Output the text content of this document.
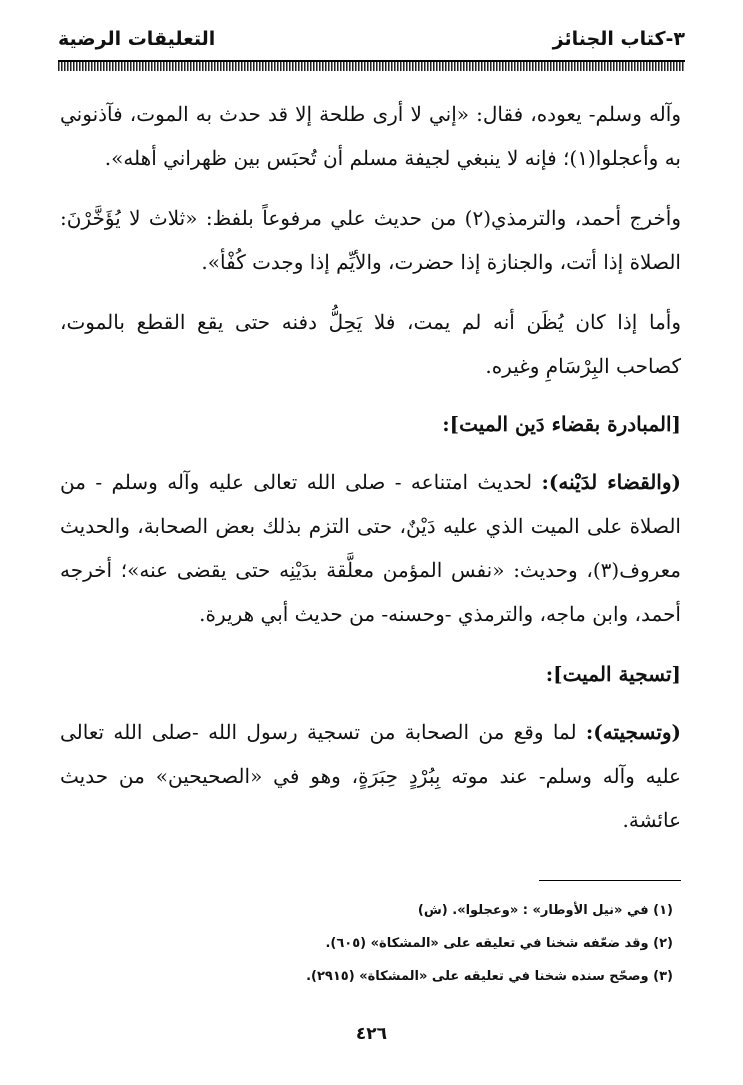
٣-كتاب الجنائز
التعليقات الرضية

وآله وسلم- يعوده، فقال: «إني لا أرى طلحة إلا قد حدث به الموت، فآذنوني به وأعجلوا(١)؛ فإنه لا ينبغي لجيفة مسلم أن تُحبَس بين ظهراني أهله».

وأخرج أحمد، والترمذي(٢) من حديث علي مرفوعاً بلفظ: «ثلاث لا يُؤَخَّرْنَ: الصلاة إذا أتت، والجنازة إذا حضرت، والأيِّم إذا وجدت كُفْأ».

وأما إذا كان يُظَن أنه لم يمت، فلا يَحِلُّ دفنه حتى يقع القطع بالموت، كصاحب البِرْسَامِ وغيره.

[المبادرة بقضاء دَين الميت]:

(والقضاء لدَيْنه): لحديث امتناعه - صلى الله تعالى عليه وآله وسلم - من الصلاة على الميت الذي عليه دَيْنٌ، حتى التزم بذلك بعض الصحابة، والحديث معروف(٣)، وحديث: «نفس المؤمن معلَّقة بدَيْنِه حتى يقضى عنه»؛ أخرجه أحمد، وابن ماجه، والترمذي -وحسنه- من حديث أبي هريرة.

[تسجية الميت]:

(وتسجيته): لما وقع من الصحابة من تسجية رسول الله -صلى الله تعالى عليه وآله وسلم- عند موته بِبُرْدٍ حِبَرَةٍ، وهو في «الصحيحين» من حديث عائشة.

(١) في «نيل الأوطار» : «وعجلوا». (ش)
(٢) وقد ضعّفه شخنا في تعليقه على «المشكاة» (٦٠٥).
(٣) وصحّح سنده شخنا في تعليقه على «المشكاة» (٢٩١٥).
٤٢٦
